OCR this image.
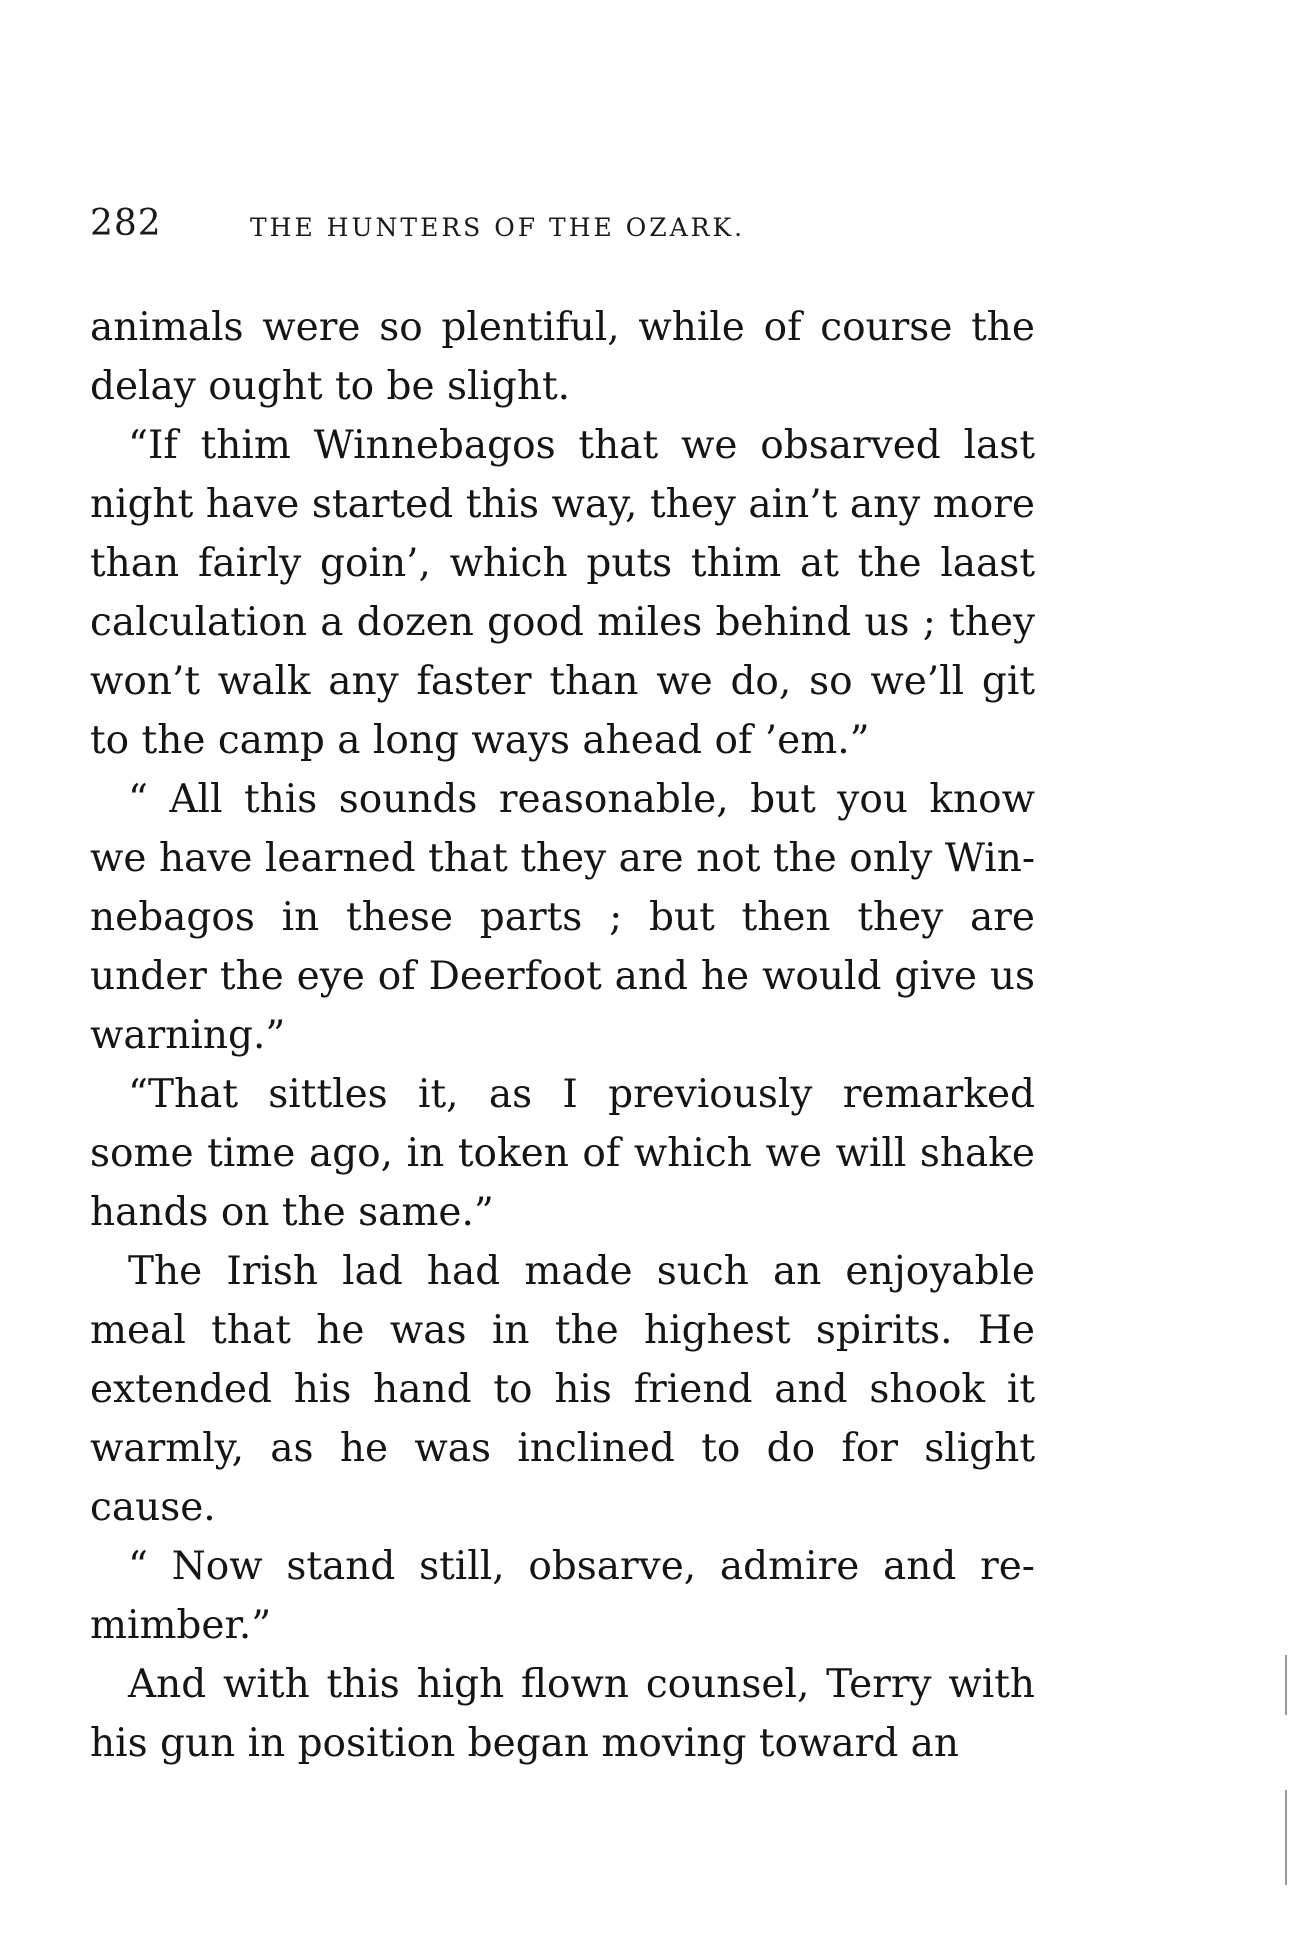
282	THE HUNTERS OF THE OZARK.

animals were so plentiful, while of course the delay ought to be slight.

“If thim Winnebagos that we obsarved last night have started this way, they ain’t any more than fairly goin’, which puts thim at the laast calculation a dozen good miles behind us ; they won’t walk any faster than we do, so we’ll git to the camp a long ways ahead of ’em.”

“ All this sounds reasonable, but you know we have learned that they are not the only Win-nebagos in these parts ; but then they are under the eye of Deerfoot and he would give us warning.”

“That sittles it, as I previously remarked some time ago, in token of which we will shake hands on the same.”

The Irish lad had made such an enjoyable meal that he was in the highest spirits. He extended his hand to his friend and shook it warmly, as he was inclined to do for slight cause.

“ Now stand still, obsarve, admire and re-mimber.”

And with this high flown counsel, Terry with his gun in position began moving toward an
